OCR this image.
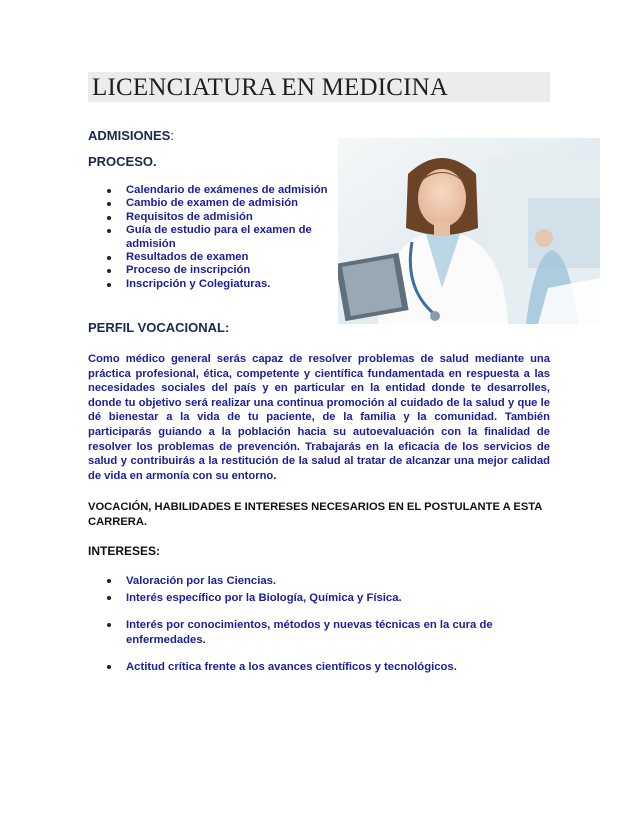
LICENCIATURA EN MEDICINA

ADMISIONES:

PROCESO.

Calendario de exámenes de admisión
Cambio de examen de admisión
Requisitos de admisión
Guía de estudio para el examen de admisión
Resultados de examen
Proceso de inscripción
Inscripción y Colegiaturas.

PERFIL VOCACIONAL:

Como médico general serás capaz de resolver problemas de salud mediante una práctica profesional, ética, competente y científica fundamentada en respuesta a las necesidades sociales del país y en particular en la entidad donde te desarrolles, donde tu objetivo será realizar una continua promoción al cuidado de la salud y que le dé bienestar a la vida de tu paciente, de la familia y la comunidad. También participarás guiando a la población hacia su autoevaluación con la finalidad de resolver los problemas de prevención. Trabajarás en la eficacia de los servicios de salud y contribuirás a la restitución de la salud al tratar de alcanzar una mejor calidad de vida en armonía con su entorno.

VOCACIÓN, HABILIDADES E INTERESES NECESARIOS EN EL POSTULANTE A ESTA CARRERA.

INTERESES:

Valoración por las Ciencias.
Interés específico por la Biología, Química y Física.
Interés por conocimientos, métodos y nuevas técnicas en la cura de enfermedades.
Actitud crítica frente a los avances científicos y tecnológicos.
